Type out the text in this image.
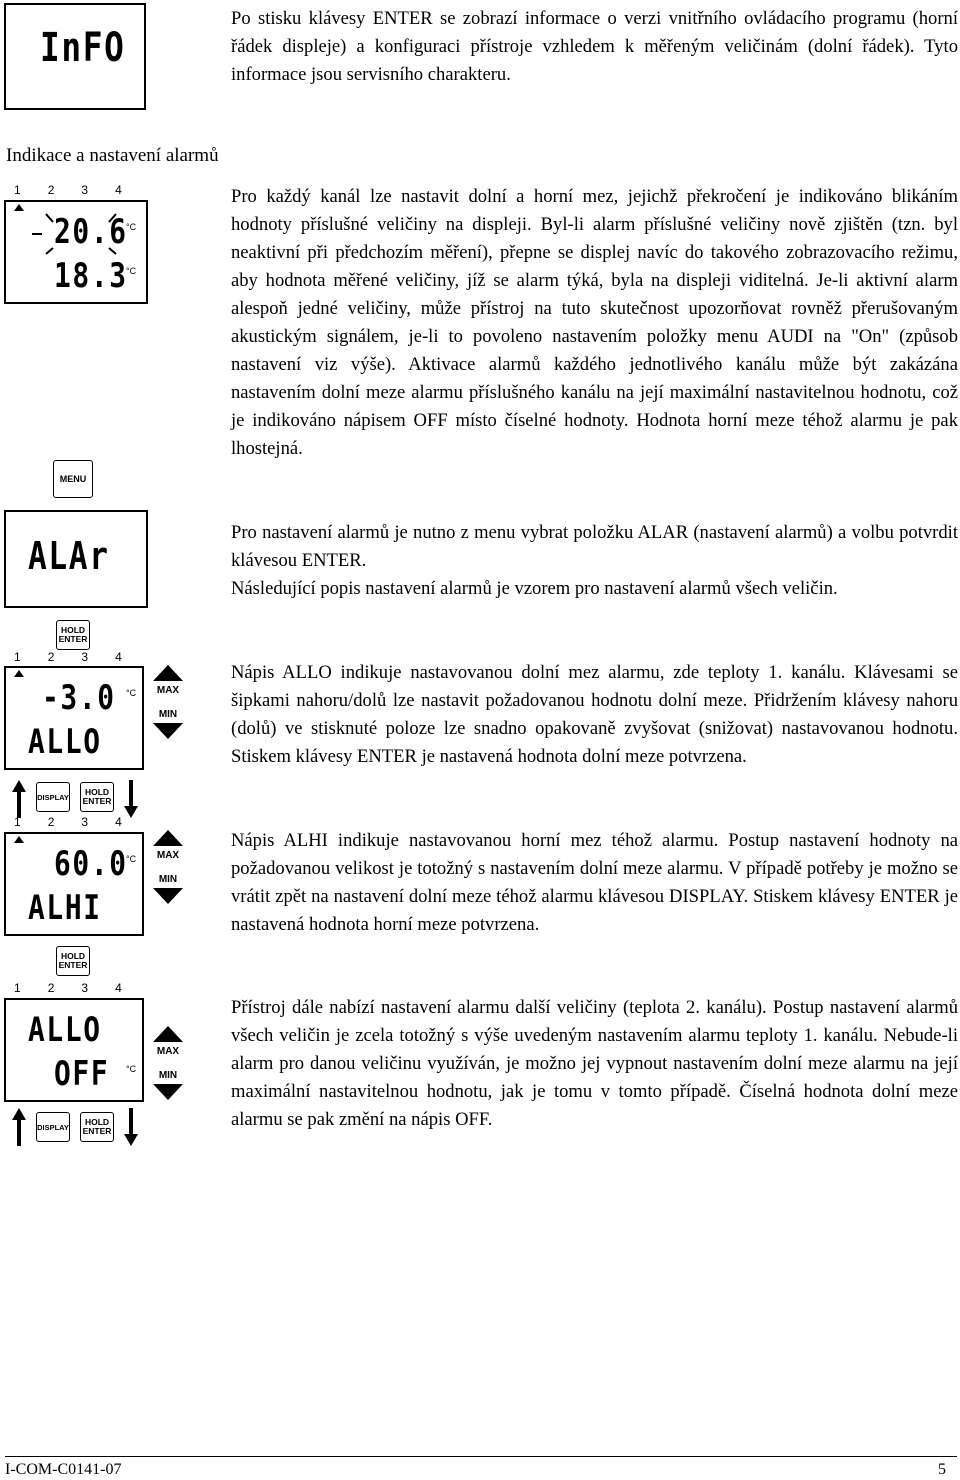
InFO

Po stisku klávesy ENTER se zobrazí informace o verzi vnitřního ovládacího programu (horní řádek displeje) a konfiguraci přístroje vzhledem k měřeným veličinám (dolní řádek). Tyto informace jsou servisního charakteru.

Indikace a nastavení alarmů
1 2 3 4
20.6
°C
18.3
°C

Pro každý kanál lze nastavit dolní a horní mez, jejichž překročení je indikováno blikáním hodnoty příslušné veličiny na displeji. Byl-li alarm příslušné veličiny nově zjištěn (tzn. byl neaktivní při předchozím měření), přepne se displej navíc do takového zobrazovacího režimu, aby hodnota měřené veličiny, jíž se alarm týká, byla na displeji viditelná. Je-li aktivní alarm alespoň jedné veličiny, může přístroj na tuto skutečnost upozorňovat rovněž přerušovaným akustickým signálem, je-li to povoleno nastavením položky menu AUDI na "On" (způsob nastavení viz výše). Aktivace alarmů každého jednotlivého kanálu může být zakázána nastavením dolní meze alarmu příslušného kanálu na její maximální nastavitelnou hodnotu, což je indikováno nápisem OFF místo číselné hodnoty. Hodnota horní meze téhož alarmu je pak lhostejná.

Pro nastavení alarmů je nutno z menu vybrat položku ALAR (nastavení alarmů) a volbu potvrdit klávesou ENTER.

Následující popis nastavení alarmů je vzorem pro nastavení alarmů všech veličin.

MENU
ALAr
HOLD
ENTER
1 2 3 4
-3.0 °C
ALLO
MAX
MIN
DISPLAY HOLD
ENTER

Nápis ALLO indikuje nastavovanou dolní mez alarmu, zde teploty 1. kanálu. Klávesami se šipkami nahoru/dolů lze nastavit požadovanou hodnotu dolní meze. Přidržením klávesy nahoru (dolů) ve stisknuté poloze lze snadno opakovaně zvyšovat (snižovat) nastavovanou hodnotu. Stiskem klávesy ENTER je nastavená hodnota dolní meze potvrzena.

1 2 3 4
60.0
°C
ALHI
MAX
MIN
HOLD
ENTER

Nápis ALHI indikuje nastavovanou horní mez téhož alarmu. Postup nastavení hodnoty na požadovanou velikost je totožný s nastavením dolní meze alarmu. V případě potřeby je možno se vrátit zpět na nastavení dolní meze téhož alarmu klávesou DISPLAY. Stiskem klávesy ENTER je nastavená hodnota horní meze potvrzena.

1 2 3 4
ALLO
OFF °C
MAX
MIN
DISPLAY HOLD
ENTER

Přístroj dále nabízí nastavení alarmu další veličiny (teplota 2. kanálu). Postup nastavení alarmů všech veličin je zcela totožný s výše uvedeným nastavením alarmu teploty 1. kanálu. Nebude-li alarm pro danou veličinu využíván, je možno jej vypnout nastavením dolní meze alarmu na její maximální nastavitelnou hodnotu, jak je tomu v tomto případě. Číselná hodnota dolní meze alarmu se pak změní na nápis OFF.

I-COM-C0141-07	5
